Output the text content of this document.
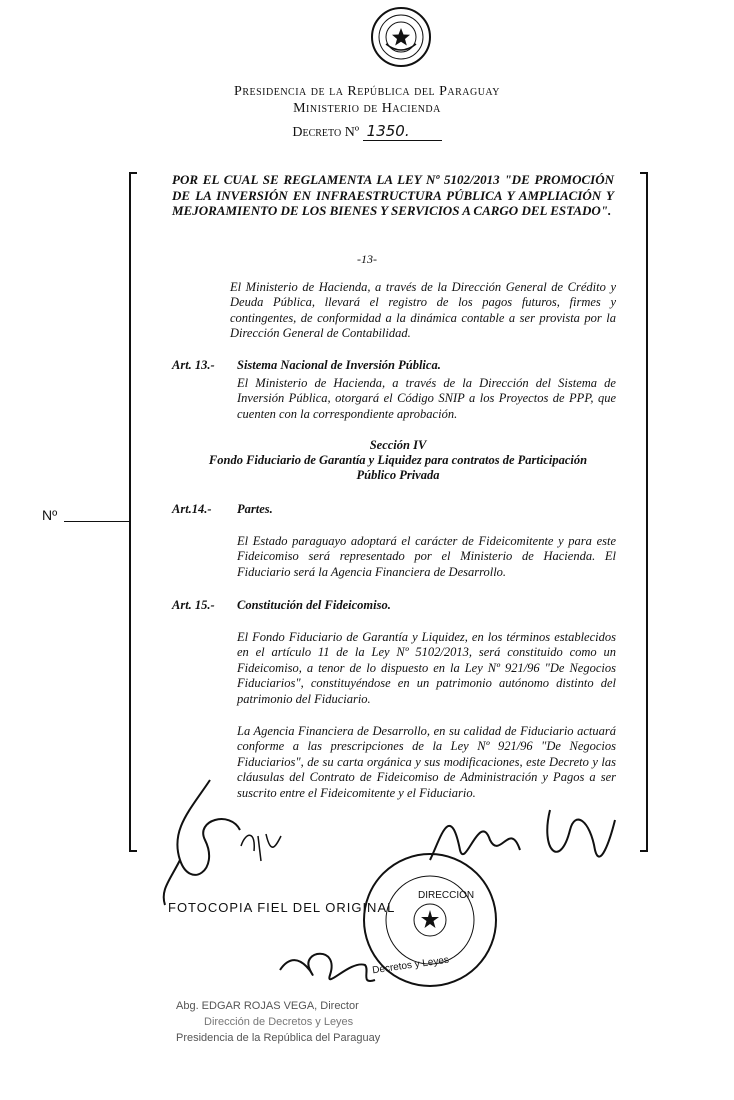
Presidencia de la República del Paraguay
Ministerio de Hacienda
Decreto Nº 1350.
Nº
POR EL CUAL SE REGLAMENTA LA LEY Nº 5102/2013 "DE PROMOCIÓN DE LA INVERSIÓN EN INFRAESTRUCTURA PÚBLICA Y AMPLIACIÓN Y MEJORAMIENTO DE LOS BIENES Y SERVICIOS A CARGO DEL ESTADO".
-13-
El Ministerio de Hacienda, a través de la Dirección General de Crédito y Deuda Pública, llevará el registro de los pagos futuros, firmes y contingentes, de conformidad a la dinámica contable a ser provista por la Dirección General de Contabilidad.
Art. 13.- Sistema Nacional de Inversión Pública.
El Ministerio de Hacienda, a través de la Dirección del Sistema de Inversión Pública, otorgará el Código SNIP a los Proyectos de PPP, que cuenten con la correspondiente aprobación.
Sección IV
Fondo Fiduciario de Garantía y Liquidez para contratos de Participación
Público Privada
Art.14.- Partes.
El Estado paraguayo adoptará el carácter de Fideicomitente y para este Fideicomiso será representado por el Ministerio de Hacienda. El Fiduciario será la Agencia Financiera de Desarrollo.
Art. 15.- Constitución del Fideicomiso.
El Fondo Fiduciario de Garantía y Liquidez, en los términos establecidos en el artículo 11 de la Ley Nº 5102/2013, será constituido como un Fideicomiso, a tenor de lo dispuesto en la Ley Nº 921/96 "De Negocios Fiduciarios", constituyéndose en un patrimonio autónomo distinto del patrimonio del Fiduciario.
La Agencia Financiera de Desarrollo, en su calidad de Fiduciario actuará conforme a las prescripciones de la Ley Nº 921/96 "De Negocios Fiduciarios", de su carta orgánica y sus modificaciones, este Decreto y las cláusulas del Contrato de Fideicomiso de Administración y Pagos a ser suscrito entre el Fideicomitente y el Fiduciario.
FOTOCOPIA FIEL DEL ORIGINAL
DIRECCION
Decretos y Leyes
Abg. EDGAR ROJAS VEGA, Director
Dirección de Decretos y Leyes
Presidencia de la República del Paraguay
